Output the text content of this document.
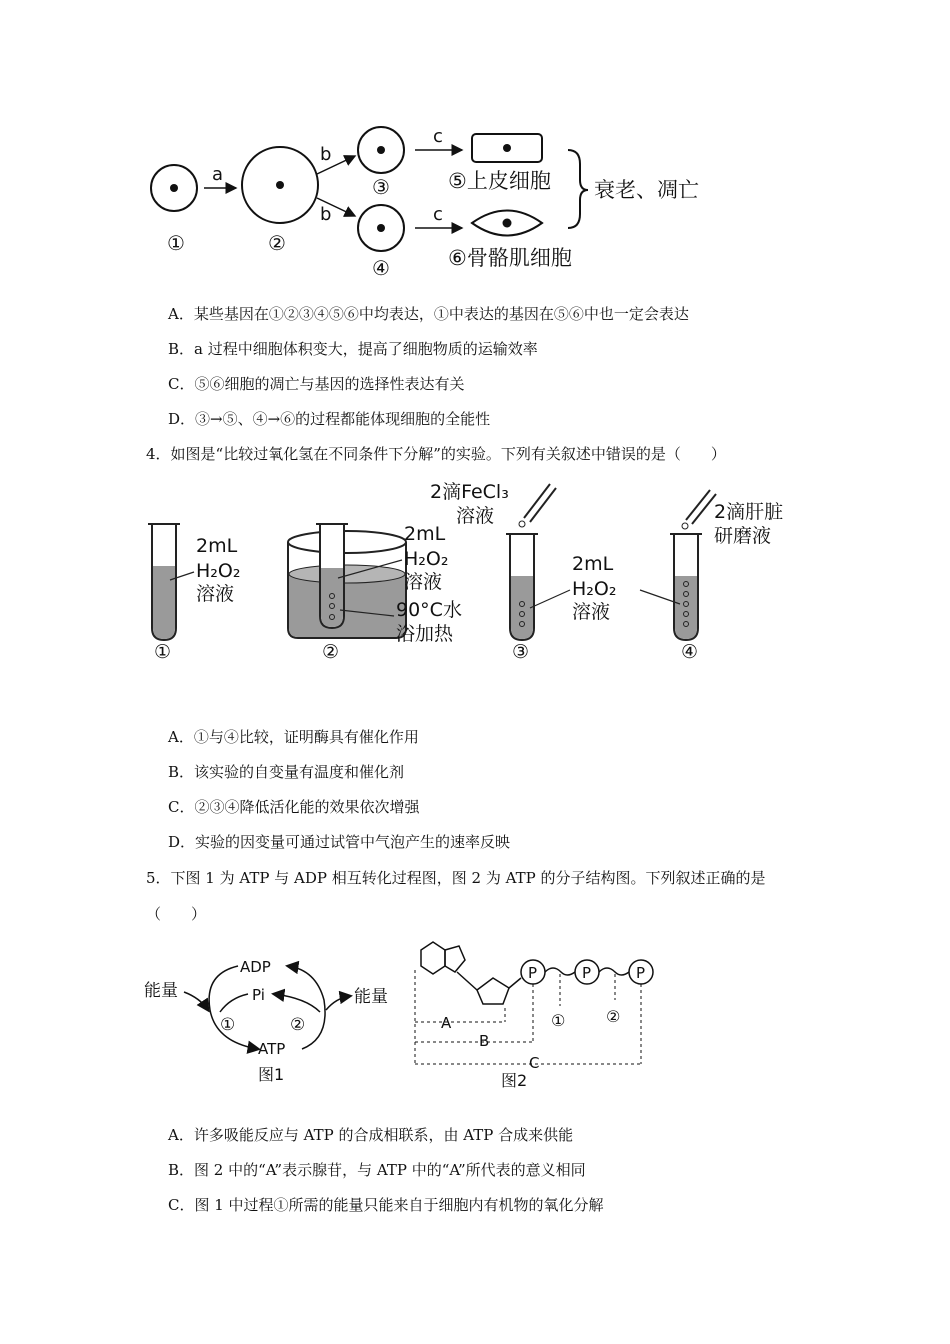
①
a
②
b
b
③
④
c
c
⑤上皮细胞
⑥骨骼肌细胞
衰老、凋亡
A．某些基因在①②③④⑤⑥中均表达，①中表达的基因在⑤⑥中也一定会表达
B．a 过程中细胞体积变大，提高了细胞物质的运输效率
C．⑤⑥细胞的凋亡与基因的选择性表达有关
D．③→⑤、④→⑥的过程都能体现细胞的全能性
4．如图是“比较过氧化氢在不同条件下分解”的实验。下列有关叙述中错误的是（　　）
2mL
H₂O₂
溶液
①
2mL
H₂O₂
溶液
90°C水
浴加热
②
2滴FeCl₃
溶液
2mL
H₂O₂
溶液
③
2滴肝脏
研磨液
④
A．①与④比较，证明酶具有催化作用
B．该实验的自变量有温度和催化剂
C．②③④降低活化能的效果依次增强
D．实验的因变量可通过试管中气泡产生的速率反映
5．下图 1 为 ATP 与 ADP 相互转化过程图，图 2 为 ATP 的分子结构图。下列叙述正确的是
（　　）
能量	能量
ADP
Pi
ATP
①	②
图1
P	P	P
①	②
A
B
C
图2
A．许多吸能反应与 ATP 的合成相联系，由 ATP 合成来供能
B．图 2 中的“A”表示腺苷，与 ATP 中的“A”所代表的意义相同
C．图 1 中过程①所需的能量只能来自于细胞内有机物的氧化分解
